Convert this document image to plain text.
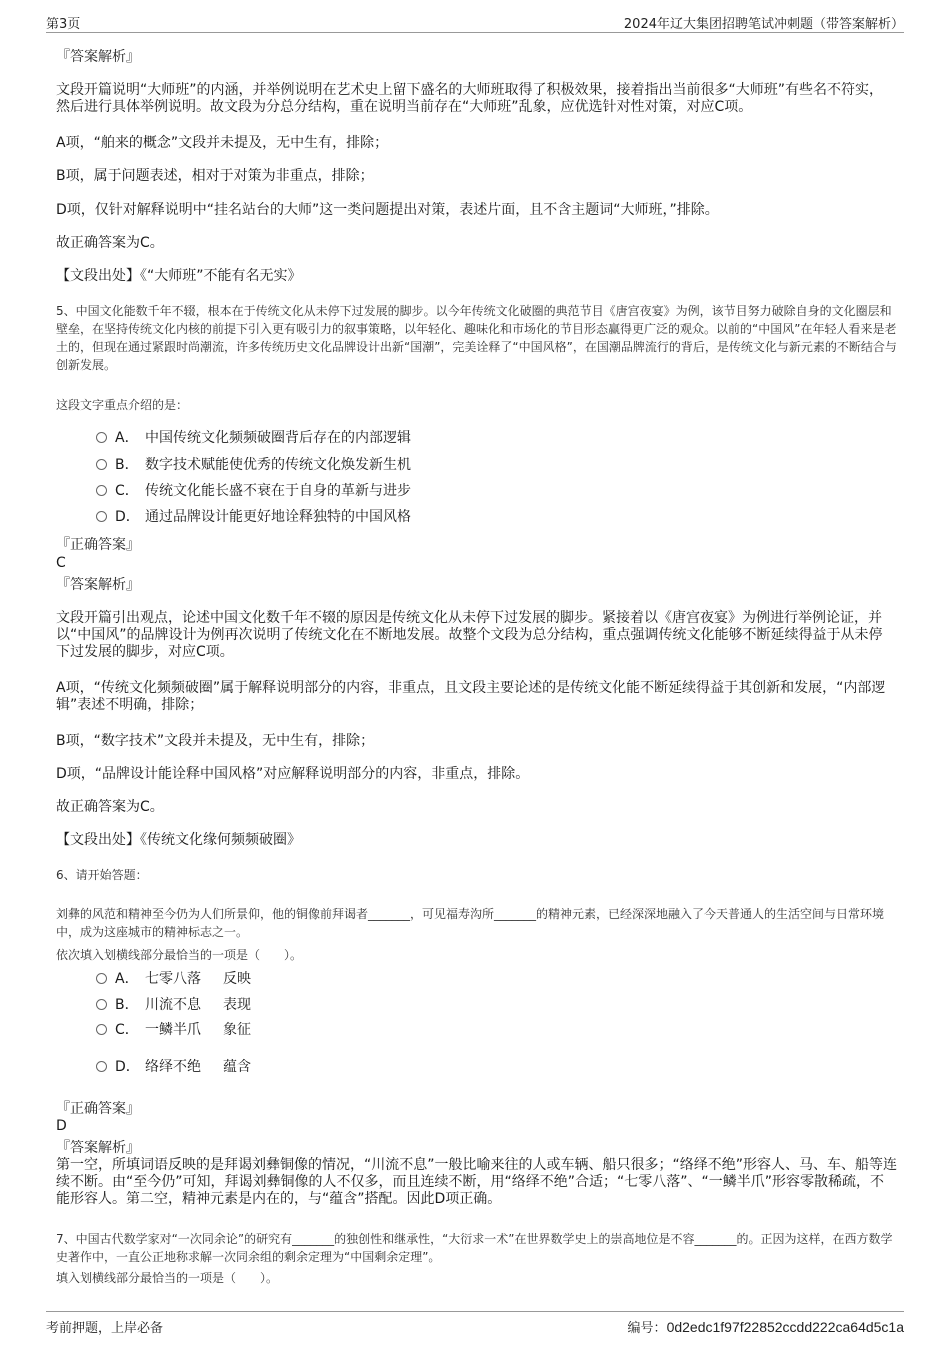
第3页	2024年辽大集团招聘笔试冲刺题（带答案解析）
『答案解析』

文段开篇说明“大师班”的内涵，并举例说明在艺术史上留下盛名的大师班取得了积极效果，接着指出当前很多“大师班”有些名不符实，然后进行具体举例说明。故文段为分总分结构，重在说明当前存在“大师班”乱象，应优选针对性对策，对应C项。

A项，“舶来的概念”文段并未提及，无中生有，排除；

B项，属于问题表述，相对于对策为非重点，排除；

D项，仅针对解释说明中“挂名站台的大师”这一类问题提出对策，表述片面，且不含主题词“大师班，”排除。

故正确答案为C。

【文段出处】《“大师班”不能有名无实》

5、中国文化能数千年不辍，根本在于传统文化从未停下过发展的脚步。以今年传统文化破圈的典范节目《唐宫夜宴》为例，该节目努力破除自身的文化圈层和壁垒，在坚持传统文化内核的前提下引入更有吸引力的叙事策略，以年轻化、趣味化和市场化的节目形态赢得更广泛的观众。以前的“中国风”在年轻人看来是老土的，但现在通过紧跟时尚潮流，许多传统历史文化品牌设计出新“国潮”，完美诠释了“中国风格”，在国潮品牌流行的背后，是传统文化与新元素的不断结合与创新发展。

这段文字重点介绍的是：

A． 中国传统文化频频破圈背后存在的内部逻辑
B． 数字技术赋能使优秀的传统文化焕发新生机
C． 传统文化能长盛不衰在于自身的革新与进步
D． 通过品牌设计能更好地诠释独特的中国风格
『正确答案』
C
『答案解析』

文段开篇引出观点，论述中国文化数千年不辍的原因是传统文化从未停下过发展的脚步。紧接着以《唐宫夜宴》为例进行举例论证，并以“中国风”的品牌设计为例再次说明了传统文化在不断地发展。故整个文段为总分结构，重点强调传统文化能够不断延续得益于从未停下过发展的脚步，对应C项。

A项，“传统文化频频破圈”属于解释说明部分的内容，非重点，且文段主要论述的是传统文化能不断延续得益于其创新和发展，“内部逻辑”表述不明确，排除；

B项，“数字技术”文段并未提及，无中生有，排除；

D项，“品牌设计能诠释中国风格”对应解释说明部分的内容，非重点，排除。

故正确答案为C。

【文段出处】《传统文化缘何频频破圈》

6、请开始答题：

刘彝的风范和精神至今仍为人们所景仰，他的铜像前拜谒者_______，可见福寿沟所_______的精神元素，已经深深地融入了今天普通人的生活空间与日常环境中，成为这座城市的精神标志之一。

依次填入划横线部分最恰当的一项是（　　）。

A． 七零八落 反映
B． 川流不息 表现
C． 一鳞半爪 象征
D． 络绎不绝 蕴含
『正确答案』
D
『答案解析』

第一空，所填词语反映的是拜谒刘彝铜像的情况，“川流不息”一般比喻来往的人或车辆、船只很多；“络绎不绝”形容人、马、车、船等连续不断。由“至今仍”可知，拜谒刘彝铜像的人不仅多，而且连续不断，用“络绎不绝”合适；“七零八落”、“一鳞半爪”形容零散稀疏，不能形容人。第二空，精神元素是内在的，与“蕴含”搭配。因此D项正确。

7、中国古代数学家对“一次同余论”的研究有_______的独创性和继承性，“大衍求一术”在世界数学史上的崇高地位是不容_______的。正因为这样，在西方数学史著作中，一直公正地称求解一次同余组的剩余定理为“中国剩余定理”。

填入划横线部分最恰当的一项是（　　）。

考前押题，上岸必备	编号：0d2edc1f97f22852ccdd222ca64d5c1a
